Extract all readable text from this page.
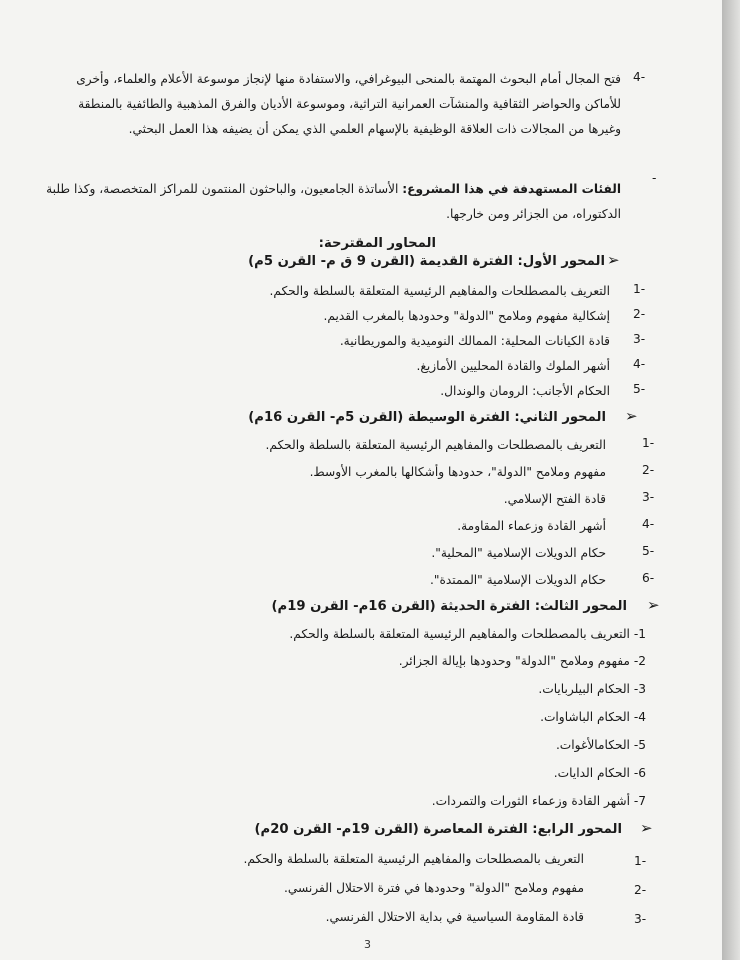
4-
فتح المجال أمام البحوث المهتمة بالمنحى البيوغرافي، والاستفادة منها لإنجاز موسوعة الأعلام والعلماء، وأخرى
للأماكن والحواضر الثقافية والمنشآت العمرانية التراثية، وموسوعة الأديان والفرق المذهبية والطائفية بالمنطقة
وغيرها من المجالات ذات العلاقة الوظيفية بالإسهام العلمي الذي يمكن أن يضيفه هذا العمل البحثي.
-
الفئات المستهدفة في هذا المشروع: الأساتذة الجامعيون، والباحثون المنتمون للمراكز المتخصصة، وكذا طلبة
الدكتوراه، من الجزائر ومن خارجها.
المحاور المقترحة:
➢
المحور الأول: الفترة القديمة (القرن 9 ق م- القرن 5م)
1-
التعريف بالمصطلحات والمفاهيم الرئيسية المتعلقة بالسلطة والحكم.
2-
إشكالية مفهوم وملامح "الدولة" وحدودها بالمغرب القديم.
3-
قادة الكيانات المحلية: الممالك النوميدية والموريطانية.
4-
أشهر الملوك والقادة المحليين الأمازيغ.
5-
الحكام الأجانب: الرومان والوندال.
➢
المحور الثاني: الفترة الوسيطة (القرن 5م- القرن 16م)
1-
التعريف بالمصطلحات والمفاهيم الرئيسية المتعلقة بالسلطة والحكم.
2-
مفهوم وملامح "الدولة"، حدودها وأشكالها بالمغرب الأوسط.
3-
قادة الفتح الإسلامي.
4-
أشهر القادة وزعماء المقاومة.
5-
حكام الدويلات الإسلامية "المحلية".
6-
حكام الدويلات الإسلامية "الممتدة".
➢
المحور الثالث: الفترة الحديثة (القرن 16م- القرن 19م)
1- التعريف بالمصطلحات والمفاهيم الرئيسية المتعلقة بالسلطة والحكم.
2- مفهوم وملامح "الدولة" وحدودها بإيالة الجزائر.
3- الحكام البيلربايات.
4- الحكام الباشاوات.
5- الحكامالأغوات.
6- الحكام الدايات.
7- أشهر القادة وزعماء الثورات والتمردات.
➢
المحور الرابع: الفترة المعاصرة (القرن 19م- القرن 20م)
1-
التعريف بالمصطلحات والمفاهيم الرئيسية المتعلقة بالسلطة والحكم.
2-
مفهوم وملامح "الدولة" وحدودها في فترة الاحتلال الفرنسي.
3-
قادة المقاومة السياسية في بداية الاحتلال الفرنسي.
3
